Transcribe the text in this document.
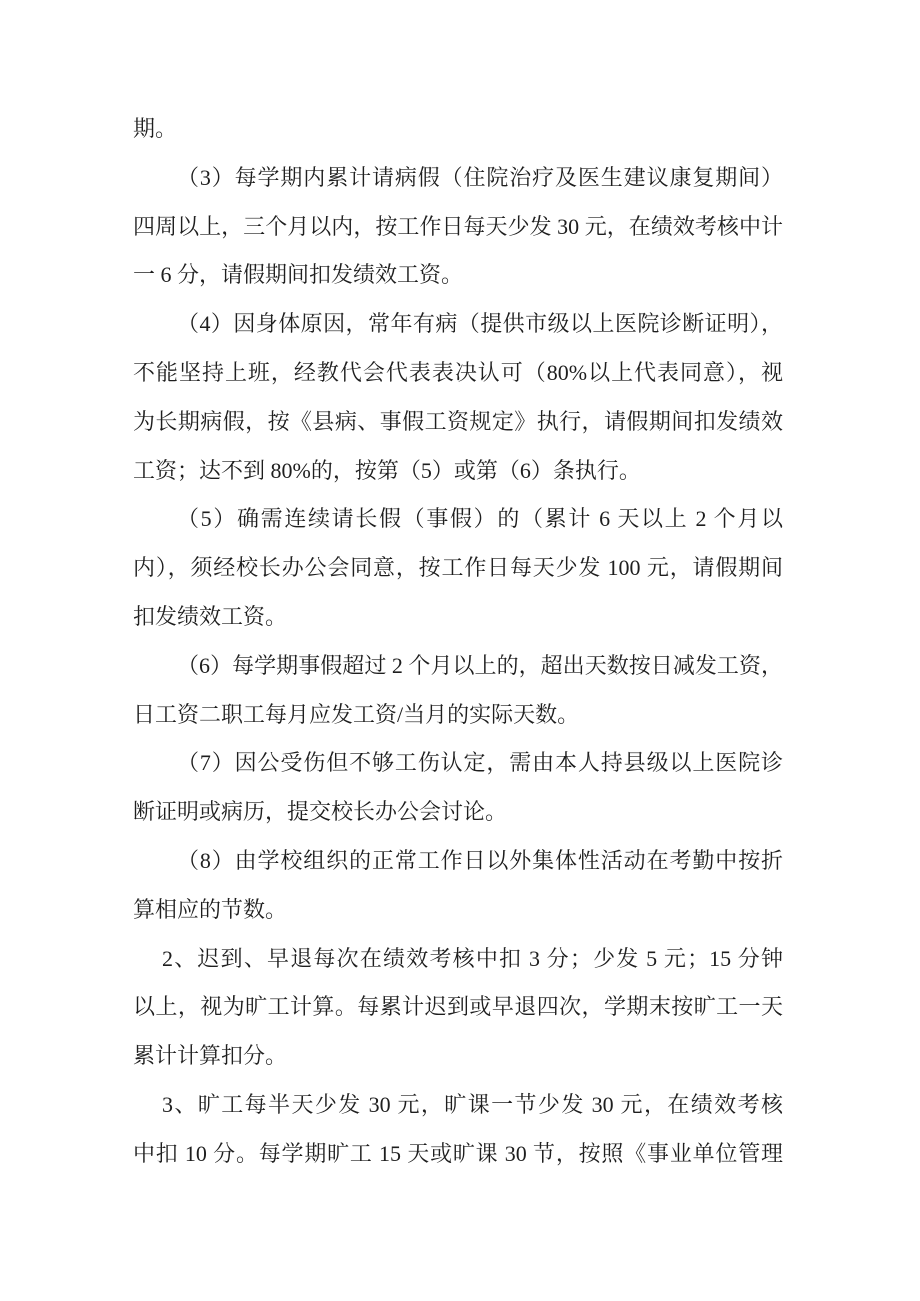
期。
（3）每学期内累计请病假（住院治疗及医生建议康复期间）
四周以上，三个月以内，按工作日每天少发 30 元，在绩效考核中计
一 6 分，请假期间扣发绩效工资。
（4）因身体原因，常年有病（提供市级以上医院诊断证明），
不能坚持上班，经教代会代表表决认可（80%以上代表同意），视
为长期病假，按《县病、事假工资规定》执行，请假期间扣发绩效
工资；达不到 80%的，按第（5）或第（6）条执行。
（5）确需连续请长假（事假）的（累计 6 天以上 2 个月以
内），须经校长办公会同意，按工作日每天少发 100 元，请假期间
扣发绩效工资。
（6）每学期事假超过 2 个月以上的，超出天数按日减发工资，
日工资二职工每月应发工资/当月的实际天数。
（7）因公受伤但不够工伤认定，需由本人持县级以上医院诊
断证明或病历，提交校长办公会讨论。
（8）由学校组织的正常工作日以外集体性活动在考勤中按折
算相应的节数。
2、迟到、早退每次在绩效考核中扣 3 分；少发 5 元；15 分钟
以上，视为旷工计算。每累计迟到或早退四次，学期末按旷工一天
累计计算扣分。
3、旷工每半天少发 30 元，旷课一节少发 30 元，在绩效考核
中扣 10 分。每学期旷工 15 天或旷课 30 节，按照《事业单位管理
